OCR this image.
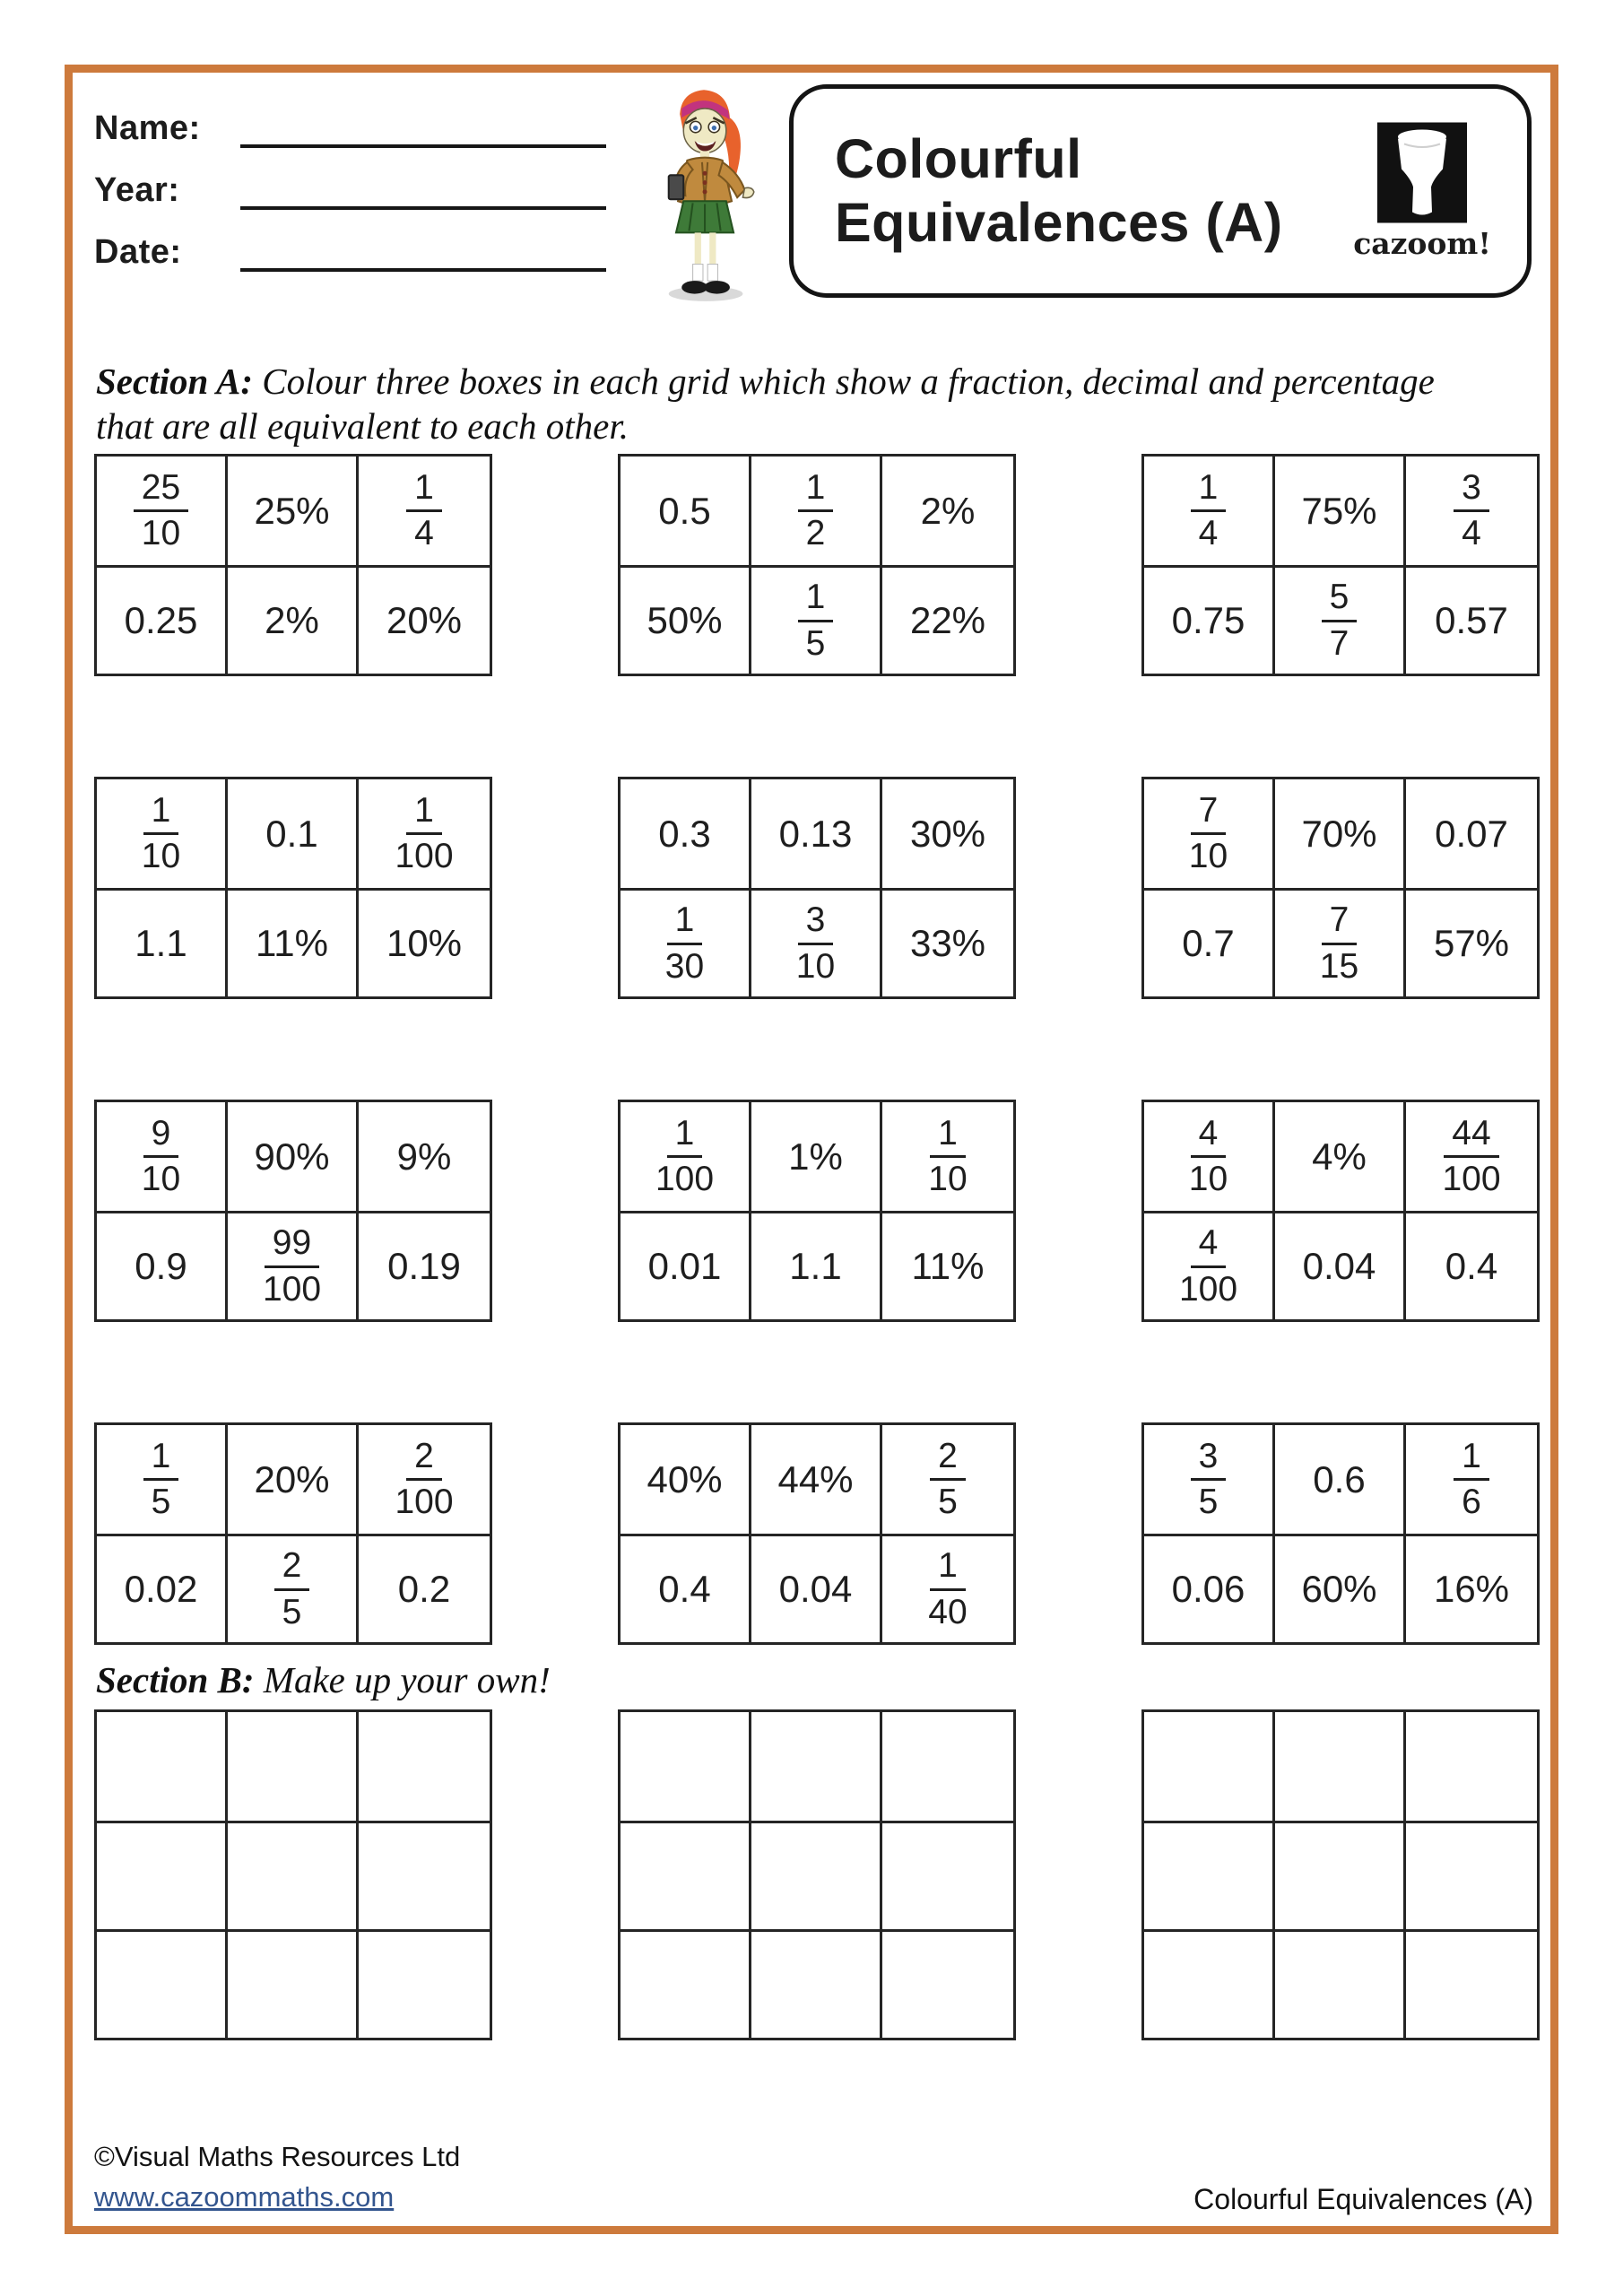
Name:
Year:
Date:
Colourful
Equivalences (A) cazoom!

Section A: Colour three boxes in each grid which show a fraction, decimal and percentage that are all equivalent to each other.

$\frac{25}{10}$	25%	$\frac{1}{4}$
0.25	2%	20%
0.5	$\frac{1}{2}$	2%
50%	$\frac{1}{5}$	22%
$\frac{1}{4}$	75%	$\frac{3}{4}$
0.75	$\frac{5}{7}$	0.57
$\frac{1}{10}$	0.1	$\frac{1}{100}$
1.1	11%	10%
0.3	0.13	30%
$\frac{1}{30}$	$\frac{3}{10}$	33%
$\frac{7}{10}$	70%	0.07
0.7	$\frac{7}{15}$	57%
$\frac{9}{10}$	90%	9%
0.9	$\frac{99}{100}$	0.19
$\frac{1}{100}$	1%	$\frac{1}{10}$
0.01	1.1	11%
$\frac{4}{10}$	4%	$\frac{44}{100}$
$\frac{4}{100}$	0.04	0.4
$\frac{1}{5}$	20%	$\frac{2}{100}$
0.02	$\frac{2}{5}$	0.2
40%	44%	$\frac{2}{5}$
0.4	0.04	$\frac{1}{40}$
$\frac{3}{5}$	0.6	$\frac{1}{6}$
0.06	60%	16%

Section B: Make up your own!

©Visual Maths Resources Ltd
www.cazoommaths.com	Colourful Equivalences (A)
